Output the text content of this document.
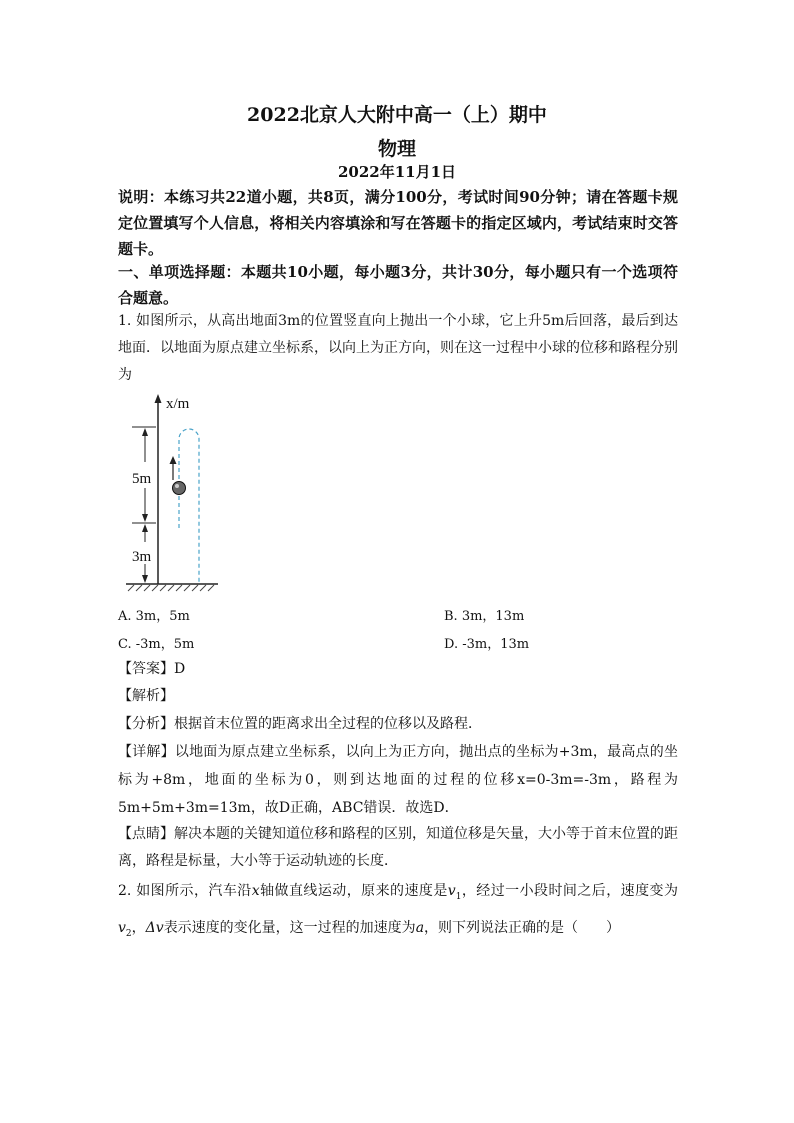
2022北京人大附中高一（上）期中
物理
2022年11月1日
说明：本练习共22道小题，共8页，满分100分，考试时间90分钟；请在答题卡规定位置填写个人信息，将相关内容填涂和写在答题卡的指定区域内，考试结束时交答题卡。
一、单项选择题：本题共10小题，每小题3分，共计30分，每小题只有一个选项符合题意。
1. 如图所示，从高出地面3m的位置竖直向上抛出一个小球，它上升5m后回落，最后到达地面．以地面为原点建立坐标系，以向上为正方向，则在这一过程中小球的位移和路程分别为
x/m
5m
3m
A. 3m，5m	B. 3m，13m
C. -3m，5m	D. -3m，13m
【答案】D
【解析】
【分析】根据首末位置的距离求出全过程的位移以及路程．
【详解】以地面为原点建立坐标系，以向上为正方向，抛出点的坐标为+3m，最高点的坐标为+8m，地面的坐标为0，则到达地面的过程的位移x=0-3m=-3m，路程为5m+5m+3m=13m，故D正确，ABC错误．故选D．
【点睛】解决本题的关键知道位移和路程的区别，知道位移是矢量，大小等于首末位置的距离，路程是标量，大小等于运动轨迹的长度．
2. 如图所示，汽车沿x轴做直线运动，原来的速度是$v_1$，经过一小段时间之后，速度变为$v_2$，Δv表示速度的变化量，这一过程的加速度为a，则下列说法正确的是（　　）
